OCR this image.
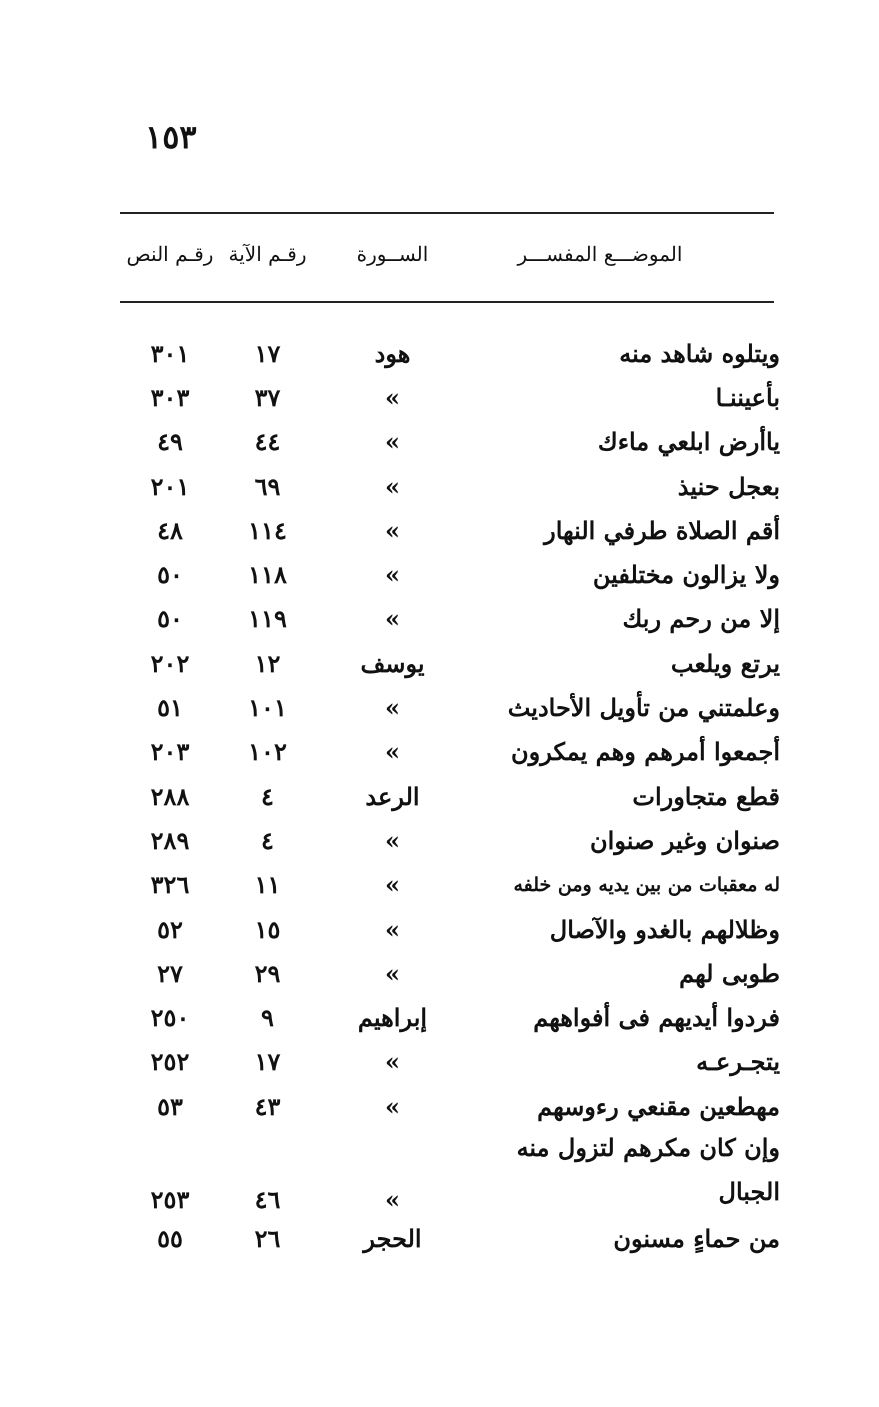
١٥٣
الموضـــع المفســـر
الســورة
رقـم الآية
رقـم النص
ويتلوه شاهد منه
هود
١٧
٣٠١
بأعيننـا
»
٣٧
٣٠٣
ياأرض ابلعي ماءك
»
٤٤
٤٩
بعجل حنيذ
»
٦٩
٢٠١
أقم الصلاة طرفي النهار
»
١١٤
٤٨
ولا يزالون مختلفين
»
١١٨
٥٠
إلا من رحم ربك
»
١١٩
٥٠
يرتع ويلعب
يوسف
١٢
٢٠٢
وعلمتني من تأويل الأحاديث
»
١٠١
٥١
أجمعوا أمرهم وهم يمكرون
»
١٠٢
٢٠٣
قطع متجاورات
الرعد
٤
٢٨٨
صنوان وغير صنوان
»
٤
٢٨٩
له معقبات من بين يديه ومن خلفه
»
١١
٣٢٦
وظلالهم بالغدو والآصال
»
١٥
٥٢
طوبى لهم
»
٢٩
٢٧
فردوا أيديهم فى أفواههم
إبراهيم
٩
٢٥٠
يتجـرعـه
»
١٧
٢٥٢
مهطعين مقنعي رءوسهم
»
٤٣
٥٣
وإن كان مكرهم لتزول منه الجبال
»
٤٦
٢٥٣
من حماءٍ مسنون
الحجر
٢٦
٥٥
